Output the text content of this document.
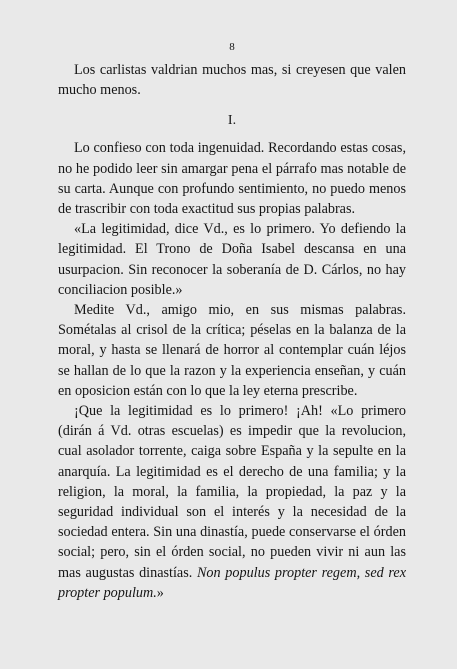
8

Los carlistas valdrian muchos mas, si creyesen que valen mucho menos.

I.

Lo confieso con toda ingenuidad. Recordando estas cosas, no he podido leer sin amargar pena el párrafo mas notable de su carta. Aunque con profundo sentimiento, no puedo menos de trascribir con toda exactitud sus propias palabras.

«La legitimidad, dice Vd., es lo primero. Yo defiendo la legitimidad. El Trono de Doña Isabel descansa en una usurpacion. Sin reconocer la soberanía de D. Cárlos, no hay conciliacion posible.»

Medite Vd., amigo mio, en sus mismas palabras. Sométalas al crisol de la crítica; péselas en la balanza de la moral, y hasta se llenará de horror al contemplar cuán léjos se hallan de lo que la razon y la experiencia enseñan, y cuán en oposicion están con lo que la ley eterna prescribe.

¡Que la legitimidad es lo primero! ¡Ah! «Lo primero (dirán á Vd. otras escuelas) es impedir que la revolucion, cual asolador torrente, caiga sobre España y la sepulte en la anarquía. La legitimidad es el derecho de una familia; y la religion, la moral, la familia, la propiedad, la paz y la seguridad individual son el interés y la necesidad de la sociedad entera. Sin una dinastía, puede conservarse el órden social; pero, sin el órden social, no pueden vivir ni aun las mas augustas dinastías. Non populus propter regem, sed rex propter populum.»
